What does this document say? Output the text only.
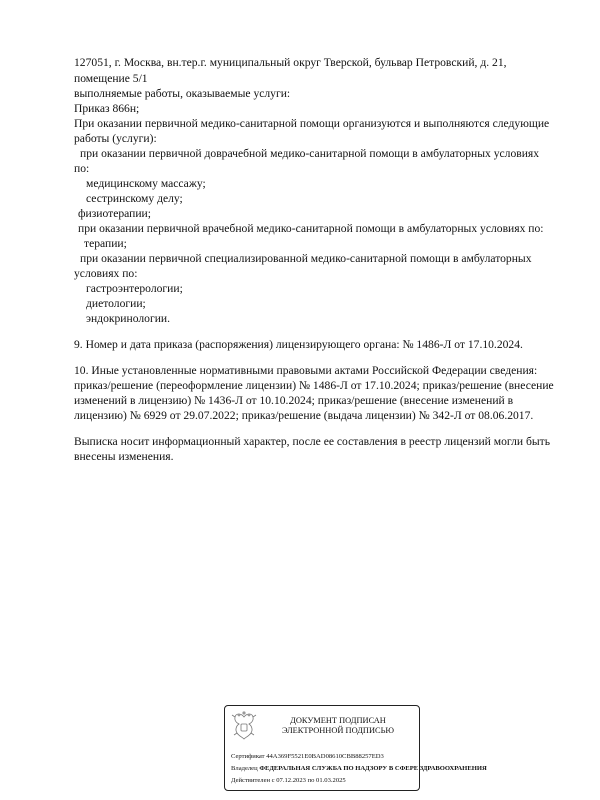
127051, г. Москва, вн.тер.г. муниципальный округ Тверской, бульвар Петровский, д. 21,
помещение 5/1
выполняемые работы, оказываемые услуги:
Приказ 866н;
При оказании первичной медико-санитарной помощи организуются и выполняются следующие
работы (услуги):
при оказании первичной доврачебной медико-санитарной помощи в амбулаторных условиях
по:
медицинскому массажу;
сестринскому делу;
физиотерапии;
при оказании первичной врачебной медико-санитарной помощи в амбулаторных условиях по:
терапии;
при оказании первичной специализированной медико-санитарной помощи в амбулаторных
условиях по:
гастроэнтерологии;
диетологии;
эндокринологии.
9. Номер и дата приказа (распоряжения) лицензирующего органа: № 1486-Л от 17.10.2024.
10. Иные установленные нормативными правовыми актами Российской Федерации сведения:
приказ/решение (переоформление лицензии) № 1486-Л от 17.10.2024; приказ/решение (внесение
изменений в лицензию) № 1436-Л от 10.10.2024; приказ/решение (внесение изменений в
лицензию) № 6929 от 29.07.2022; приказ/решение (выдача лицензии) № 342-Л от 08.06.2017.
Выписка носит информационный характер, после ее составления в реестр лицензий могли быть
внесены изменения.
ДОКУМЕНТ ПОДПИСАН
ЭЛЕКТРОННОЙ ПОДПИСЬЮ
Сертификат 44A369F5521E0BAD08610CBB88257ED3
Владелец ФЕДЕРАЛЬНАЯ СЛУЖБА ПО НАДЗОРУ В СФЕРЕ ЗДРАВООХРАНЕНИЯ
Действителен с 07.12.2023 по 01.03.2025
